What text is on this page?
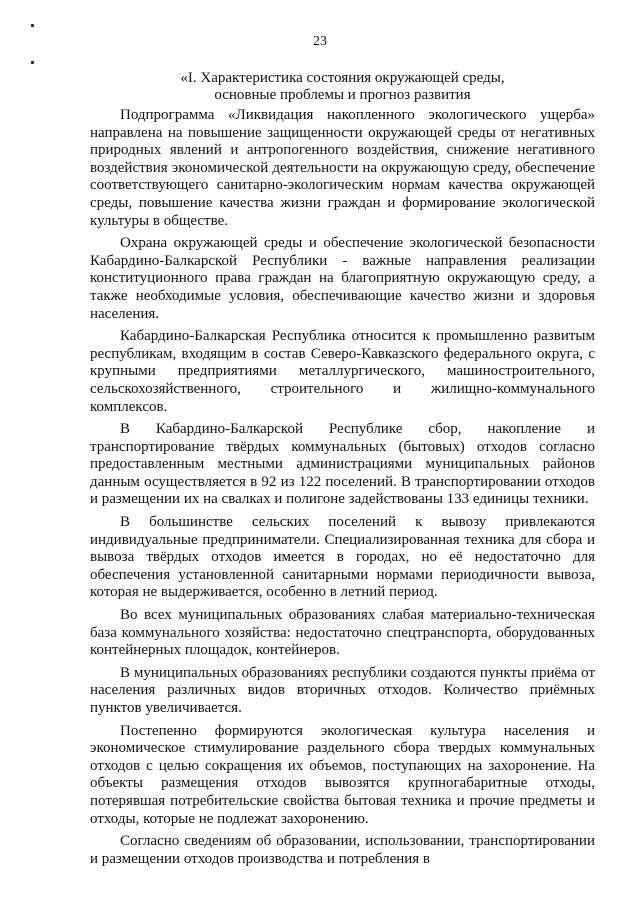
23
«I. Характеристика состояния окружающей среды,
основные проблемы и прогноз развития

Подпрограмма «Ликвидация накопленного экологического ущерба» направлена на повышение защищенности окружающей среды от негативных природных явлений и антропогенного воздействия, снижение негативного воздействия экономической деятельности на окружающую среду, обеспечение соответствующего санитарно-экологическим нормам качества окружающей среды, повышение качества жизни граждан и формирование экологической культуры в обществе.

Охрана окружающей среды и обеспечение экологической безопасности Кабардино-Балкарской Республики - важные направления реализации конституционного права граждан на благоприятную окружающую среду, а также необходимые условия, обеспечивающие качество жизни и здоровья населения.

Кабардино-Балкарская Республика относится к промышленно развитым республикам, входящим в состав Северо-Кавказского федерального округа, с крупными предприятиями металлургического, машиностроительного, сельскохозяйственного, строительного и жилищно-коммунального комплексов.

В Кабардино-Балкарской Республике сбор, накопление и транспортирование твёрдых коммунальных (бытовых) отходов согласно предоставленным местными администрациями муниципальных районов данным осуществляется в 92 из 122 поселений. В транспортировании отходов и размещении их на свалках и полигоне задействованы 133 единицы техники.

В большинстве сельских поселений к вывозу привлекаются индивидуальные предприниматели. Специализированная техника для сбора и вывоза твёрдых отходов имеется в городах, но её недостаточно для обеспечения установленной санитарными нормами периодичности вывоза, которая не выдерживается, особенно в летний период.

Во всех муниципальных образованиях слабая материально-техническая база коммунального хозяйства: недостаточно спецтранспорта, оборудованных контейнерных площадок, контейнеров.

В муниципальных образованиях республики создаются пункты приёма от населения различных видов вторичных отходов. Количество приёмных пунктов увеличивается.

Постепенно формируются экологическая культура населения и экономическое стимулирование раздельного сбора твердых коммунальных отходов с целью сокращения их объемов, поступающих на захоронение. На объекты размещения отходов вывозятся крупногабаритные отходы, потерявшая потребительские свойства бытовая техника и прочие предметы и отходы, которые не подлежат захоронению.

Согласно сведениям об образовании, использовании, транспортировании и размещении отходов производства и потребления в
